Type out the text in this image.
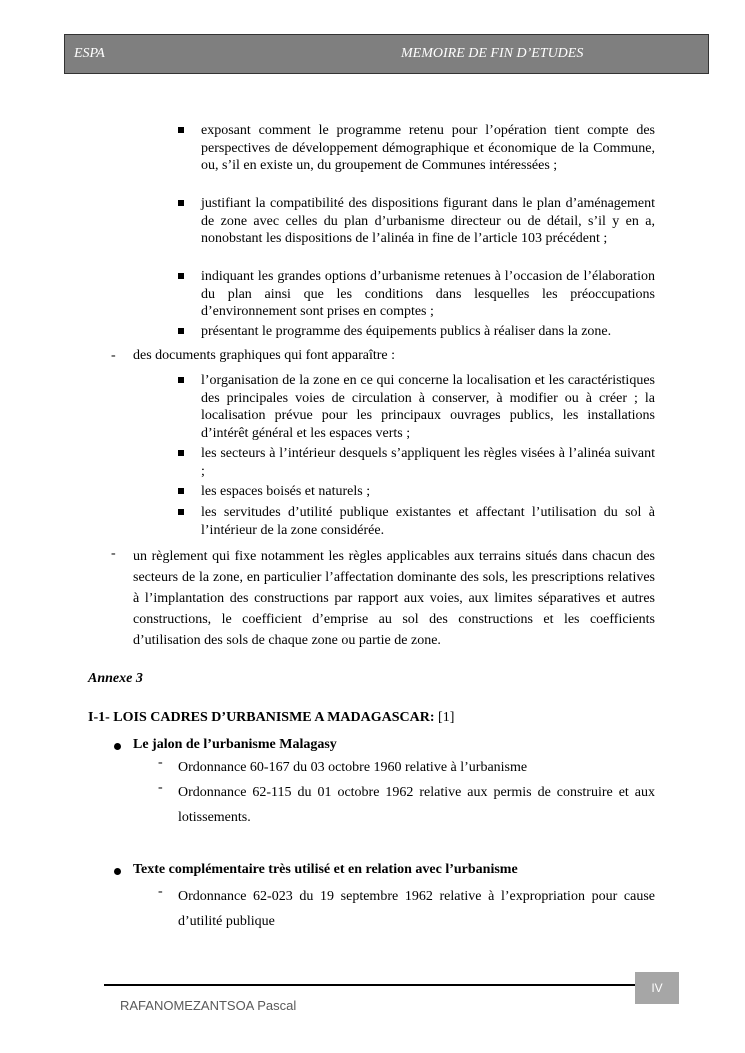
ESPA	MEMOIRE DE FIN D’ETUDES
exposant comment le programme retenu pour l’opération tient compte des perspectives de développement démographique et économique de la Commune, ou, s’il en existe un, du groupement de Communes intéressées ;
justifiant la compatibilité des dispositions figurant dans le plan d’aménagement de zone avec celles du plan d’urbanisme directeur ou de détail, s’il y en a, nonobstant les dispositions de l’alinéa in fine de l’article 103 précédent ;
indiquant les grandes options d’urbanisme retenues à l’occasion de l’élaboration du plan ainsi que les conditions dans lesquelles les préoccupations d’environnement sont prises en comptes ;
présentant le programme des équipements publics à réaliser dans la zone.
- des documents graphiques qui font apparaître :
l’organisation de la zone en ce qui concerne la localisation et les caractéristiques des principales voies de circulation à conserver, à modifier ou à créer ; la localisation prévue pour les principaux ouvrages publics, les installations d’intérêt général et les espaces verts ;
les secteurs à l’intérieur desquels s’appliquent les règles visées à l’alinéa suivant ;
les espaces boisés et naturels ;
les servitudes d’utilité publique existantes et affectant l’utilisation du sol à l’intérieur de la zone considérée.
- un règlement qui fixe notamment les règles applicables aux terrains situés dans chacun des secteurs de la zone, en particulier l’affectation dominante des sols, les prescriptions relatives à l’implantation des constructions par rapport aux voies, aux limites séparatives et autres constructions, le coefficient d’emprise au sol des constructions et les coefficients d’utilisation des sols de chaque zone ou partie de zone.
Annexe 3
I-1- LOIS CADRES D’URBANISME A MADAGASCAR: [1]
Le jalon de l’urbanisme Malagasy
- Ordonnance 60-167 du 03 octobre 1960 relative à l’urbanisme
- Ordonnance 62-115 du 01 octobre 1962 relative aux permis de construire et aux lotissements.
Texte complémentaire très utilisé et en relation avec l’urbanisme
- Ordonnance 62-023 du 19 septembre 1962 relative à l’expropriation pour cause d’utilité publique
IV
RAFANOMEZANTSOA Pascal
